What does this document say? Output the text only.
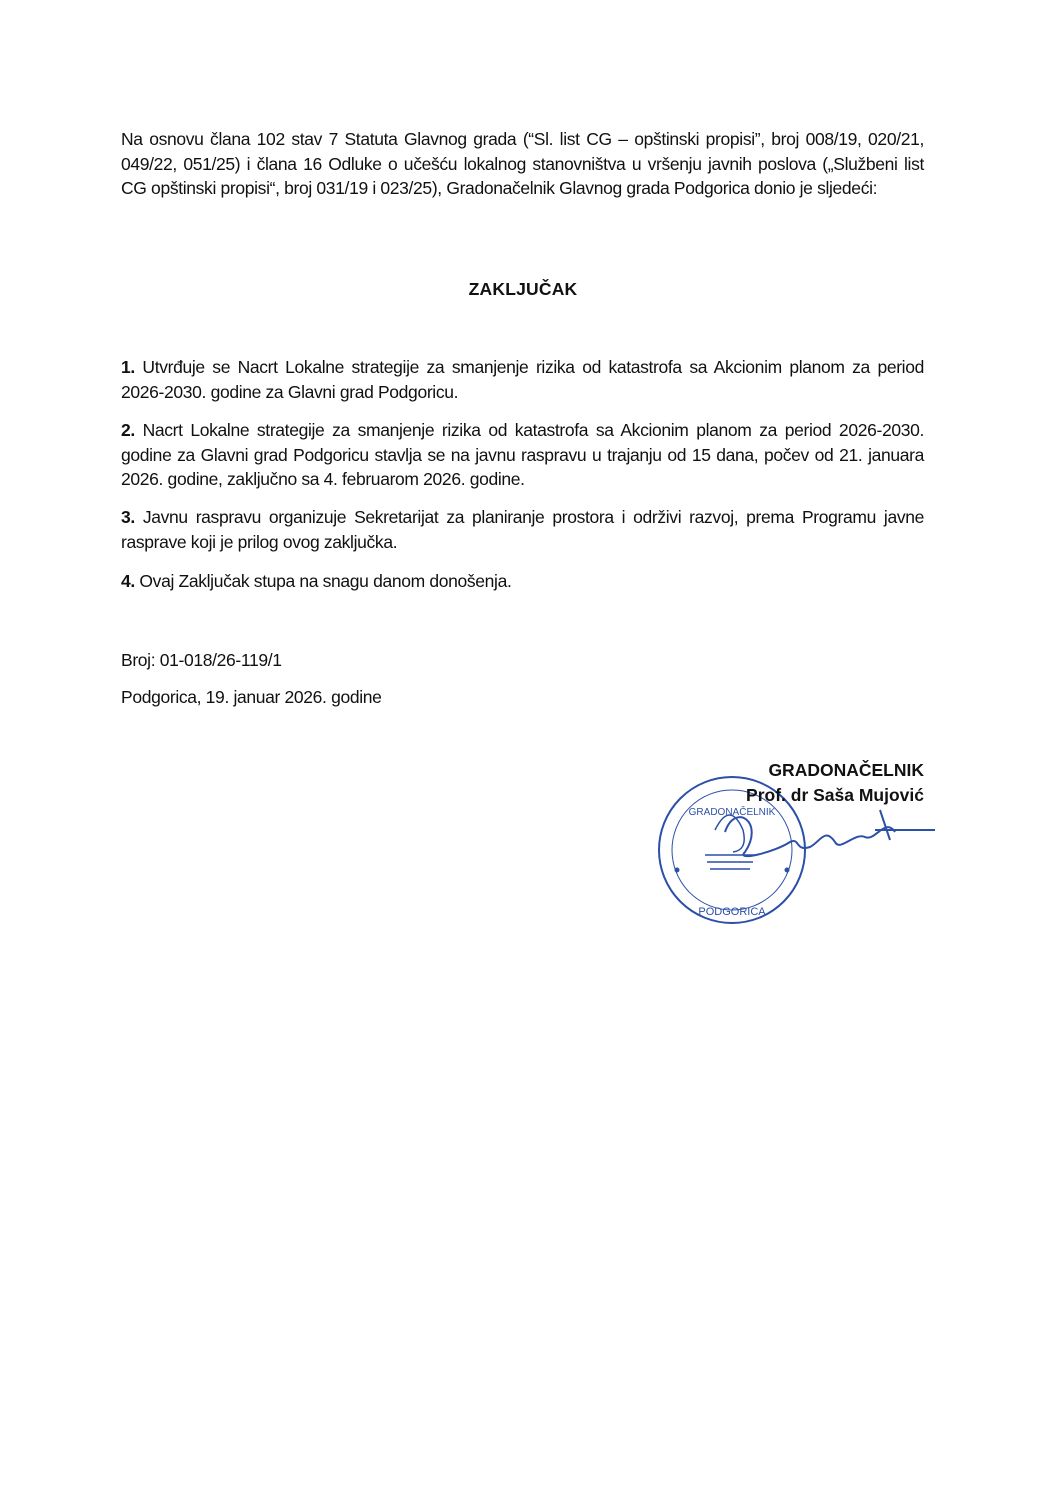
Na osnovu člana 102 stav 7 Statuta Glavnog grada (“Sl. list CG – opštinski propisi”, broj 008/19, 020/21, 049/22, 051/25) i člana 16 Odluke o učešću lokalnog stanovništva u vršenju javnih poslova („Službeni list CG opštinski propisi“, broj 031/19 i 023/25), Gradonačelnik Glavnog grada Podgorica donio je sljedeći:

ZAKLJUČAK

1. Utvrđuje se Nacrt Lokalne strategije za smanjenje rizika od katastrofa sa Akcionim planom za period 2026-2030. godine za Glavni grad Podgoricu.

2. Nacrt Lokalne strategije za smanjenje rizika od katastrofa sa Akcionim planom za period 2026-2030. godine za Glavni grad Podgoricu stavlja se na javnu raspravu u trajanju od 15 dana, počev od 21. januara 2026. godine, zaključno sa 4. februarom 2026. godine.

3. Javnu raspravu organizuje Sekretarijat za planiranje prostora i održivi razvoj, prema Programu javne rasprave koji je prilog ovog zaključka.

4. Ovaj Zaključak stupa na snagu danom donošenja.

Broj: 01-018/26-119/1

Podgorica, 19. januar 2026. godine

PODGORICA
GRADONAČELNIK
GRADONAČELNIK
Prof. dr Saša Mujović
